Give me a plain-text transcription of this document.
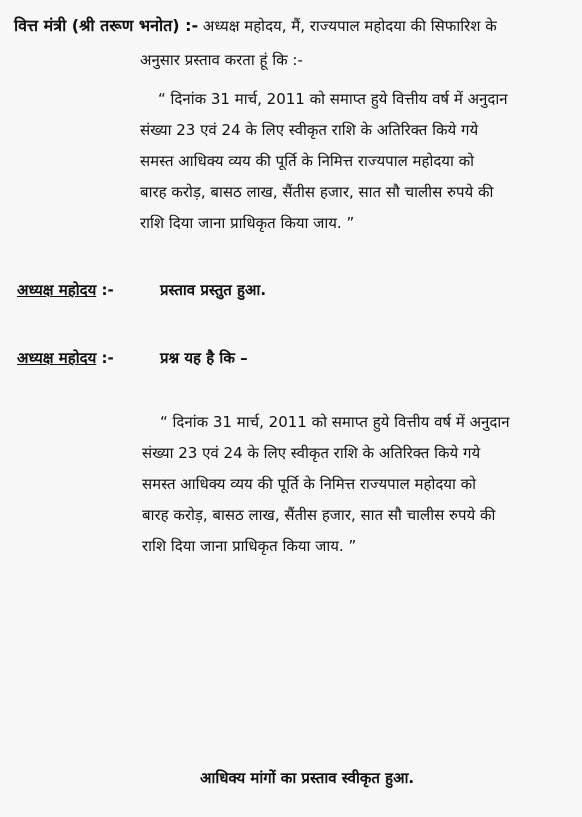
वित्त मंत्री (श्री तरूण भनोत) :- अध्यक्ष महोदय, मैं, राज्यपाल महोदया की सिफारिश के
अनुसार प्रस्ताव करता हूं कि :-
“ दिनांक 31 मार्च, 2011 को समाप्त हुये वित्तीय वर्ष में अनुदान
संख्या 23 एवं 24 के लिए स्वीकृत राशि के अतिरिक्त किये गये
समस्त आधिक्य व्यय की पूर्ति के निमित्त राज्यपाल महोदया को
बारह करोड़, बासठ लाख, सैंतीस हजार, सात सौ चालीस रुपये की
राशि दिया जाना प्राधिकृत किया जाय. ”
अध्यक्ष महोदय :-	प्रस्ताव प्रस्तुत हुआ.
अध्यक्ष महोदय :-	प्रश्न यह है कि –
“ दिनांक 31 मार्च, 2011 को समाप्त हुये वित्तीय वर्ष में अनुदान
संख्या 23 एवं 24 के लिए स्वीकृत राशि के अतिरिक्त किये गये
समस्त आधिक्य व्यय की पूर्ति के निमित्त राज्यपाल महोदया को
बारह करोड़, बासठ लाख, सैंतीस हजार, सात सौ चालीस रुपये की
राशि दिया जाना प्राधिकृत किया जाय. ”
आधिक्य मांगों का प्रस्ताव स्वीकृत हुआ.
